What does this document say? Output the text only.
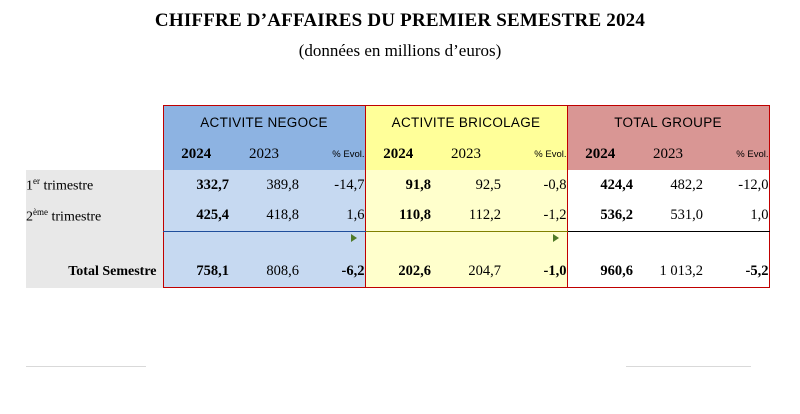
CHIFFRE D’AFFAIRES DU PREMIER SEMESTRE 2024
(données en millions d’euros)
	ACTIVITE NEGOCE			ACTIVITE BRICOLAGE			TOTAL GROUPE		
	2024	2023	% Evol.	2024	2023	% Evol.	2024	2023	% Evol.
1er trimestre	332,7	389,8	-14,7	91,8	92,5	-0,8	424,4	482,2	-12,0
2ème trimestre	425,4	418,8	1,6	110,8	112,2	-1,2	536,2	531,0	1,0

Total Semestre	758,1	808,6	-6,2	202,6	204,7	-1,0	960,6	1 013,2	-5,2
